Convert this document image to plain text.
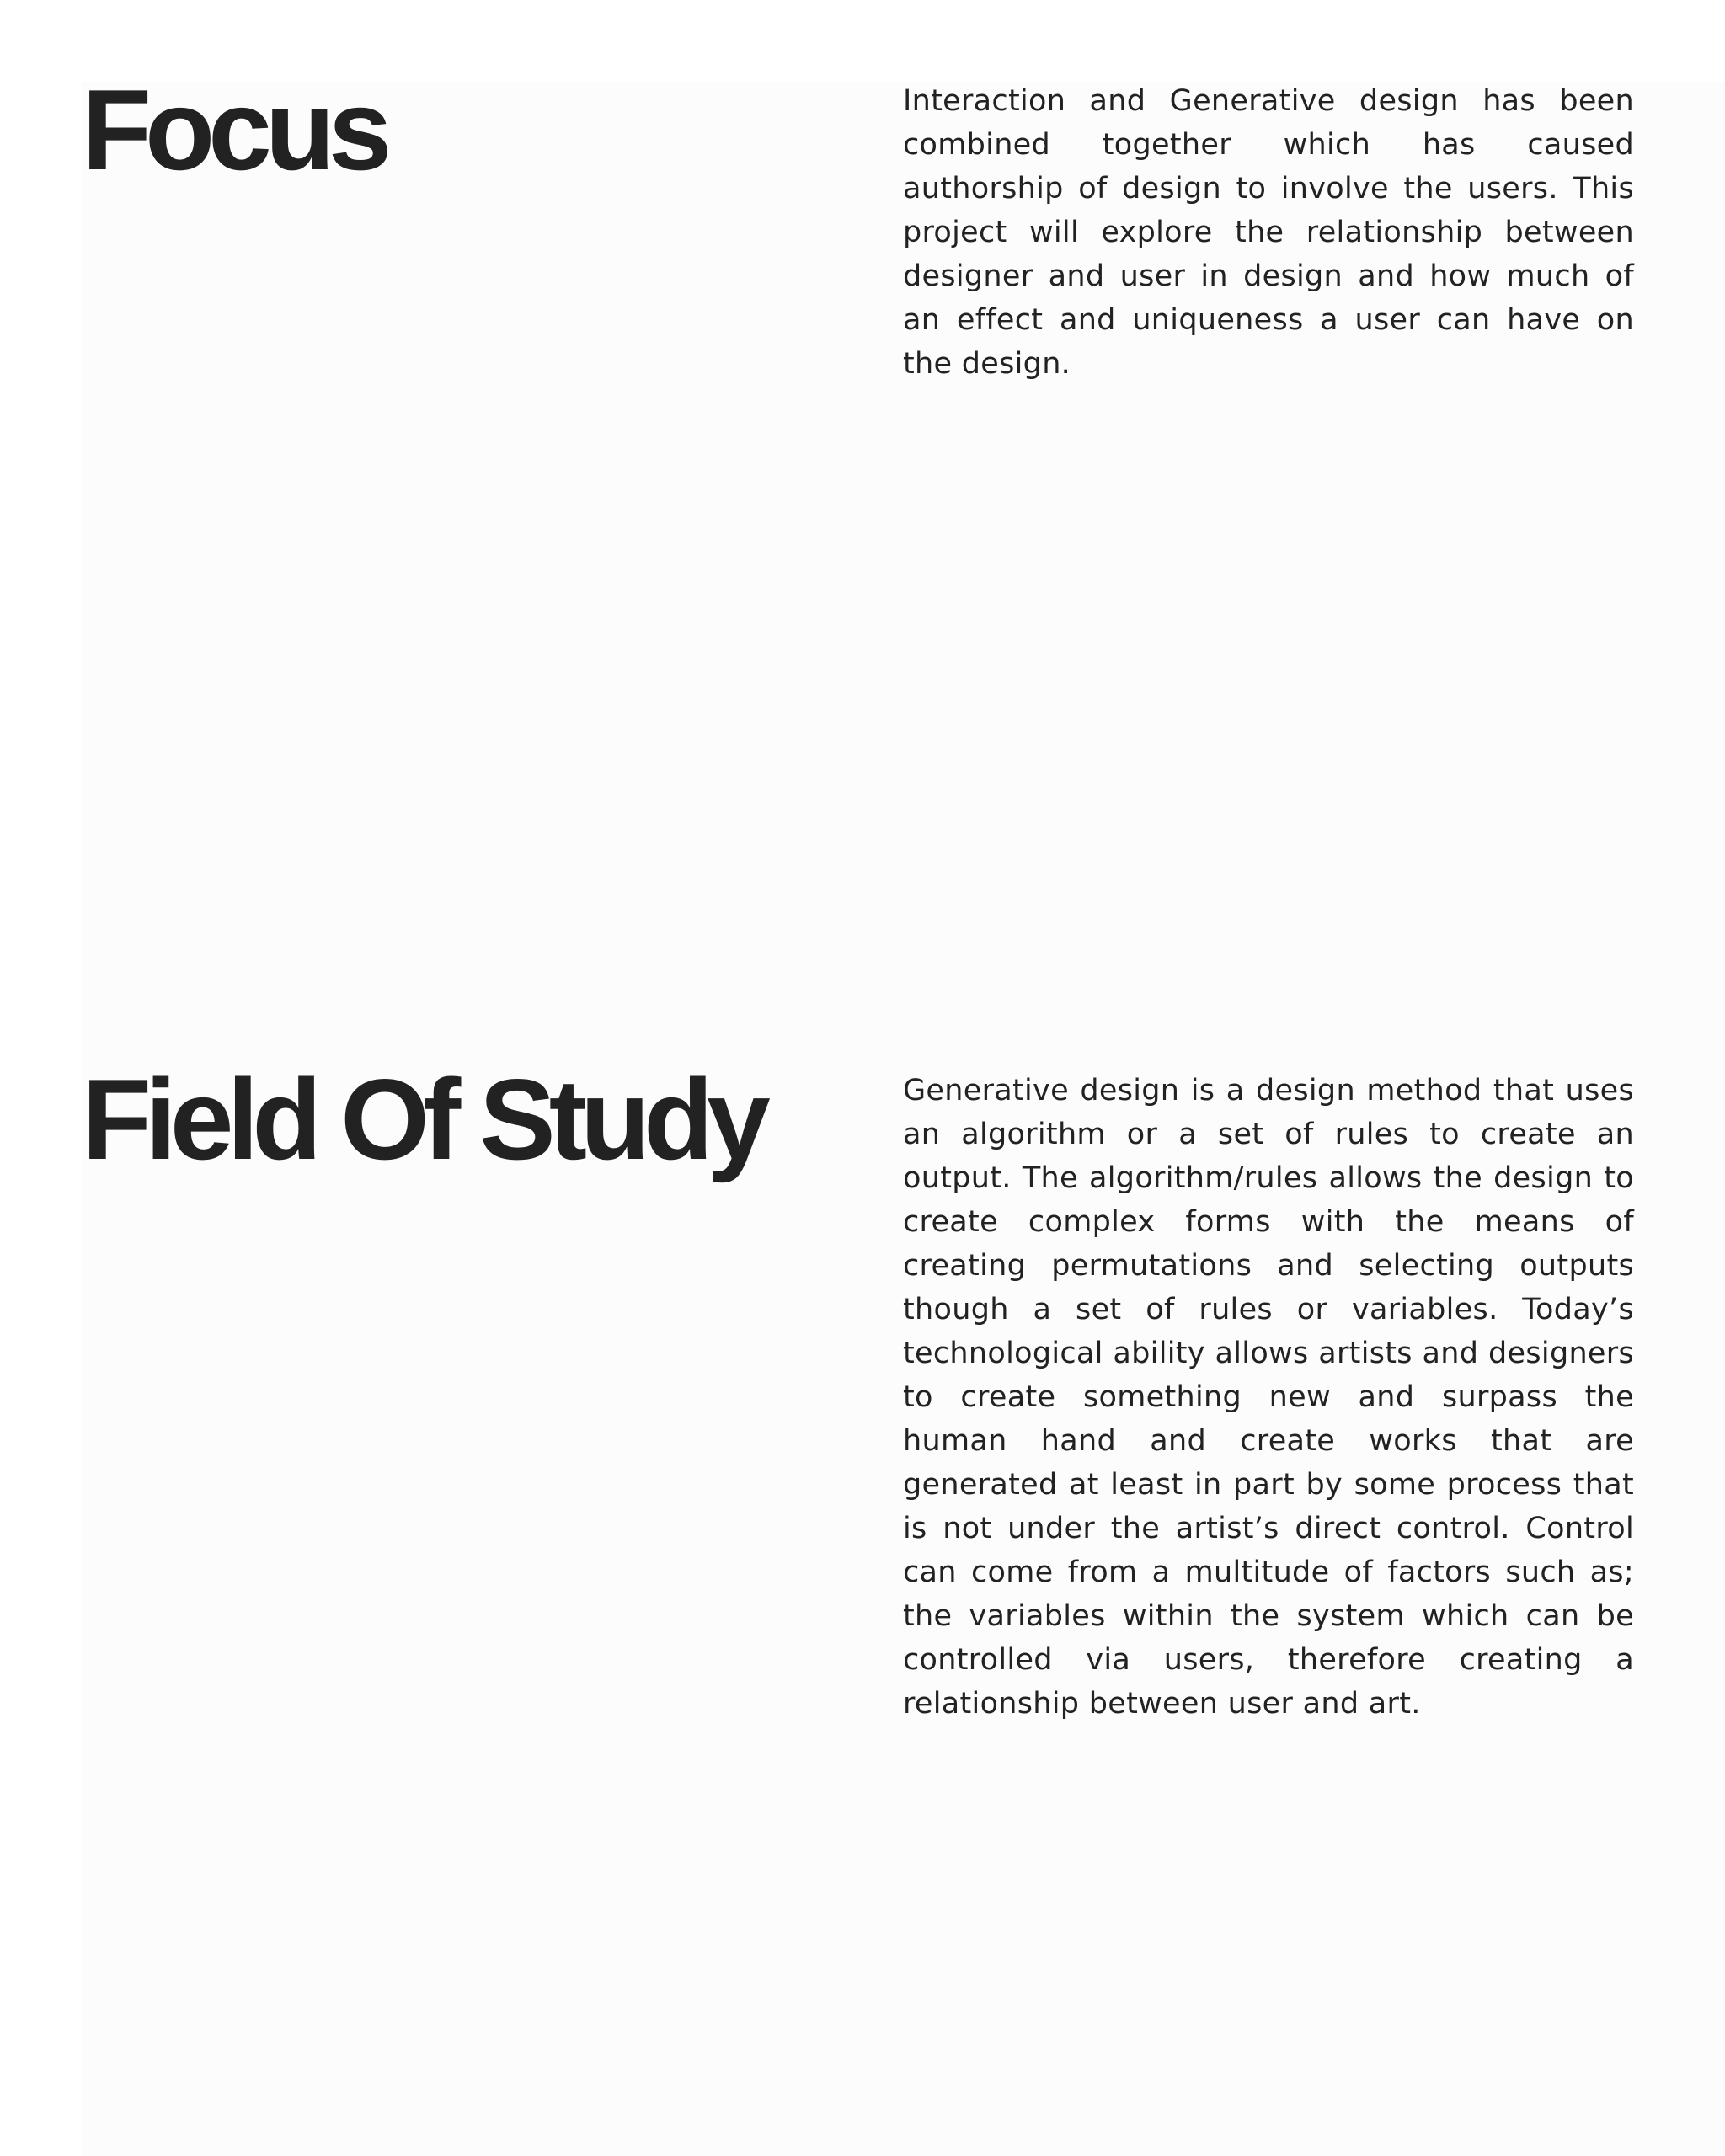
Focus	Interaction and Generative design has been combined together which has caused authorship of design to involve the users. This project will explore the relationship between designer and user in design and how much of an effect and uniqueness a user can have on the design.

Field Of Study	Generative design is a design method that uses an algorithm or a set of rules to create an output. The algorithm/rules allows the design to create complex forms with the means of creating permutations and selecting outputs though a set of rules or variables. Today’s technological ability allows artists and designers to create something new and surpass the human hand and create works that are generated at least in part by some process that is not under the artist’s direct control. Control can come from a multitude of factors such as; the variables within the system which can be controlled via users, therefore creating a relationship between user and art.
